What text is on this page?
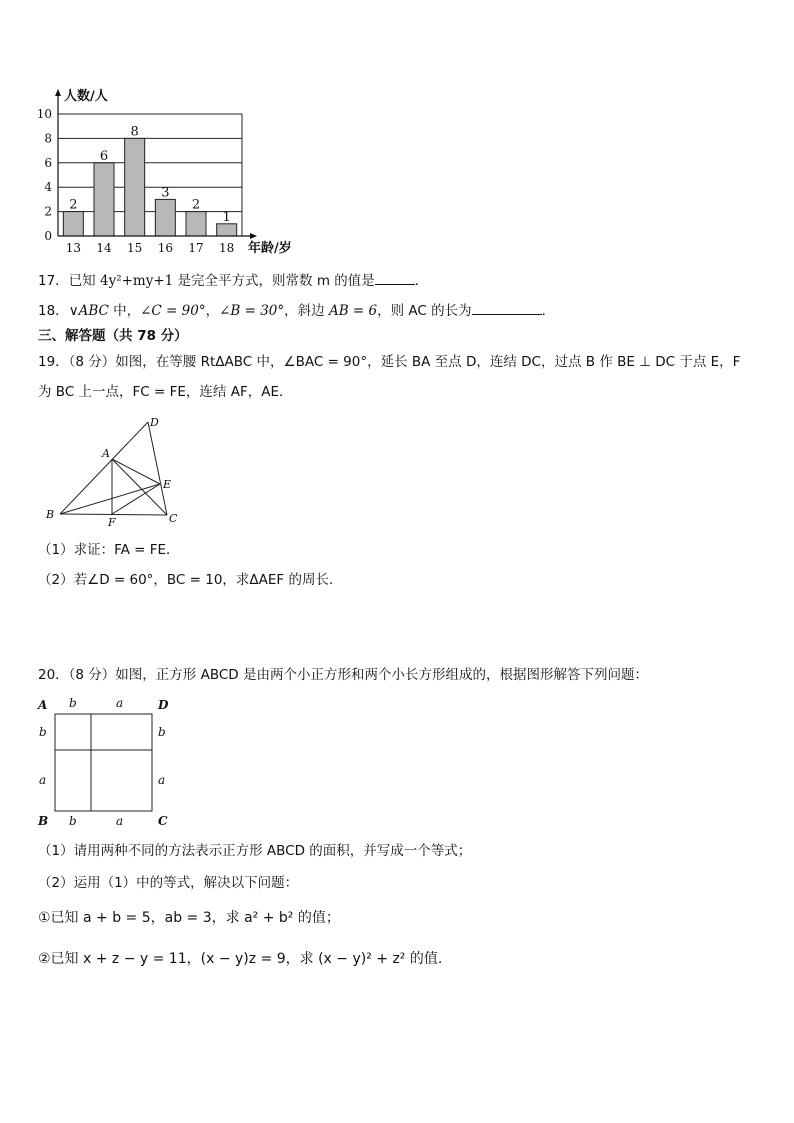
0
2
4
6
8
10
2
13
6
14
8
15
3
16
2
17
1
18
人数/人
年龄/岁
17．已知 4y²+my+1 是完全平方式，则常数 m 的值是	．
18．∨ABC 中，∠C = 90°，∠B = 30°，斜边 AB = 6，则 AC 的长为	．
三、解答题（共 78 分）
19．（8 分）如图，在等腰 RtΔABC 中，∠BAC = 90°，延长 BA 至点 D，连结 DC，过点 B 作 BE ⊥ DC 于点 E，F
为 BC 上一点，FC = FE，连结 AF，AE．
A
D
B	C
E
F
（1）求证：FA = FE．
（2）若∠D = 60°，BC = 10，求ΔAEF 的周长．
20．（8 分）如图，正方形 ABCD 是由两个小正方形和两个小长方形组成的，根据图形解答下列问题：
A	D
B	C
b	a
b
a
b
a
b	a
（1）请用两种不同的方法表示正方形 ABCD 的面积，并写成一个等式；
（2）运用（1）中的等式，解决以下问题：
①已知 a + b = 5，ab = 3，求 a² + b² 的值；
②已知 x + z − y = 11，(x − y)z = 9，求 (x − y)² + z² 的值.
